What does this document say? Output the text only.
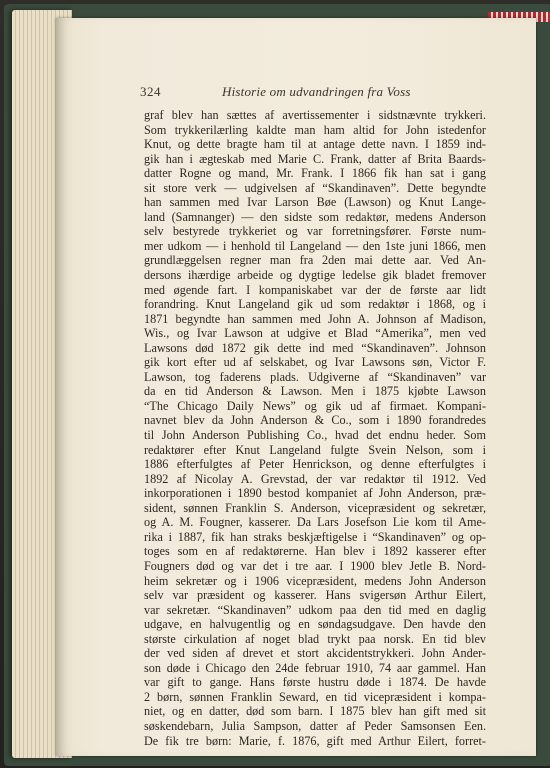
324	Historie om udvandringen fra Voss
graf blev han sættes af avertissementer i sidstnævnte trykkeri.
Som trykkerilærling kaldte man ham altid for John istedenfor
Knut, og dette bragte ham til at antage dette navn. I 1859 ind-
gik han i ægteskab med Marie C. Frank, datter af Brita Baards-
datter Rogne og mand, Mr. Frank. I 1866 fik han sat i gang
sit store verk — udgivelsen af “Skandinaven”. Dette begyndte
han sammen med Ivar Larson Bøe (Lawson) og Knut Lange-
land (Samnanger) — den sidste som redaktør, medens Anderson
selv bestyrede trykkeriet og var forretningsfører. Første num-
mer udkom — i henhold til Langeland — den 1ste juni 1866, men
grundlæggelsen regner man fra 2den mai dette aar. Ved An-
dersons ihærdige arbeide og dygtige ledelse gik bladet fremover
med øgende fart. I kompaniskabet var der de første aar lidt
forandring. Knut Langeland gik ud som redaktør i 1868, og i
1871 begyndte han sammen med John A. Johnson af Madison,
Wis., og Ivar Lawson at udgive et Blad “Amerika”, men ved
Lawsons død 1872 gik dette ind med “Skandinaven”. Johnson
gik kort efter ud af selskabet, og Ivar Lawsons søn, Victor F.
Lawson, tog faderens plads. Udgiverne af “Skandinaven” var
da en tid Anderson & Lawson. Men i 1875 kjøbte Lawson
“The Chicago Daily News” og gik ud af firmaet. Kompani-
navnet blev da John Anderson & Co., som i 1890 forandredes
til John Anderson Publishing Co., hvad det endnu heder. Som
redaktører efter Knut Langeland fulgte Svein Nelson, som i
1886 efterfulgtes af Peter Henrickson, og denne efterfulgtes i
1892 af Nicolay A. Grevstad, der var redaktør til 1912. Ved
inkorporationen i 1890 bestod kompaniet af John Anderson, præ-
sident, sønnen Franklin S. Anderson, vicepræsident og sekretær,
og A. M. Fougner, kasserer. Da Lars Josefson Lie kom til Ame-
rika i 1887, fik han straks beskjæftigelse i “Skandinaven” og op-
toges som en af redaktørerne. Han blev i 1892 kasserer efter
Fougners død og var det i tre aar. I 1900 blev Jetle B. Nord-
heim sekretær og i 1906 vicepræsident, medens John Anderson
selv var præsident og kasserer. Hans svigersøn Arthur Eilert,
var sekretær. “Skandinaven” udkom paa den tid med en daglig
udgave, en halvugentlig og en søndagsudgave. Den havde den
største cirkulation af noget blad trykt paa norsk. En tid blev
der ved siden af drevet et stort akcidentstrykkeri. John Ander-
son døde i Chicago den 24de februar 1910, 74 aar gammel. Han
var gift to gange. Hans første hustru døde i 1874. De havde
2 børn, sønnen Franklin Seward, en tid vicepræsident i kompa-
niet, og en datter, død som barn. I 1875 blev han gift med sit
søskendebarn, Julia Sampson, datter af Peder Samsonsen Een.
De fik tre børn: Marie, f. 1876, gift med Arthur Eilert, forret-
